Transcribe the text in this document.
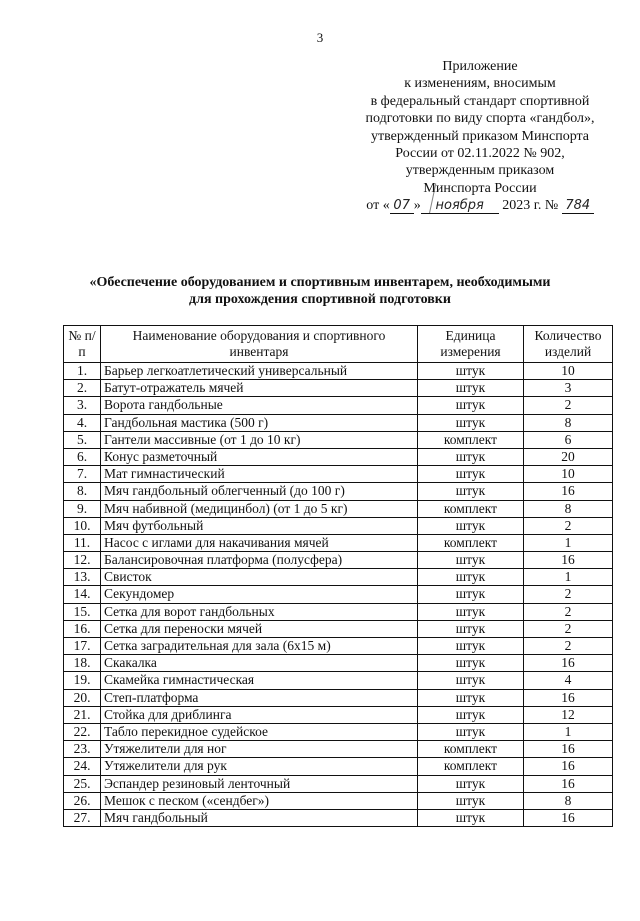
3
Приложение
к изменениям, вносимым
в федеральный стандарт спортивной
подготовки по виду спорта «гандбол»,
утвержденный приказом Минспорта
России от 02.11.2022 № 902,
утвержденным приказом
Минспорта России
от « 07 » ноября 2023 г. № 784
«Обеспечение оборудованием и спортивным инвентарем, необходимыми
для прохождения спортивной подготовки
№ п/п	Наименование оборудования и спортивного инвентаря	Единица измерения	Количество изделий
1.	Барьер легкоатлетический универсальный	штук	10
2.	Батут-отражатель мячей	штук	3
3.	Ворота гандбольные	штук	2
4.	Гандбольная мастика (500 г)	штук	8
5.	Гантели массивные (от 1 до 10 кг)	комплект	6
6.	Конус разметочный	штук	20
7.	Мат гимнастический	штук	10
8.	Мяч гандбольный облегченный (до 100 г)	штук	16
9.	Мяч набивной (медицинбол) (от 1 до 5 кг)	комплект	8
10.	Мяч футбольный	штук	2
11.	Насос с иглами для накачивания мячей	комплект	1
12.	Балансировочная платформа (полусфера)	штук	16
13.	Свисток	штук	1
14.	Секундомер	штук	2
15.	Сетка для ворот гандбольных	штук	2
16.	Сетка для переноски мячей	штук	2
17.	Сетка заградительная для зала (6х15 м)	штук	2
18.	Скакалка	штук	16
19.	Скамейка гимнастическая	штук	4
20.	Степ-платформа	штук	16
21.	Стойка для дриблинга	штук	12
22.	Табло перекидное судейское	штук	1
23.	Утяжелители для ног	комплект	16
24.	Утяжелители для рук	комплект	16
25.	Эспандер резиновый ленточный	штук	16
26.	Мешок с песком («сендбег»)	штук	8
27.	Мяч гандбольный	штук	16
